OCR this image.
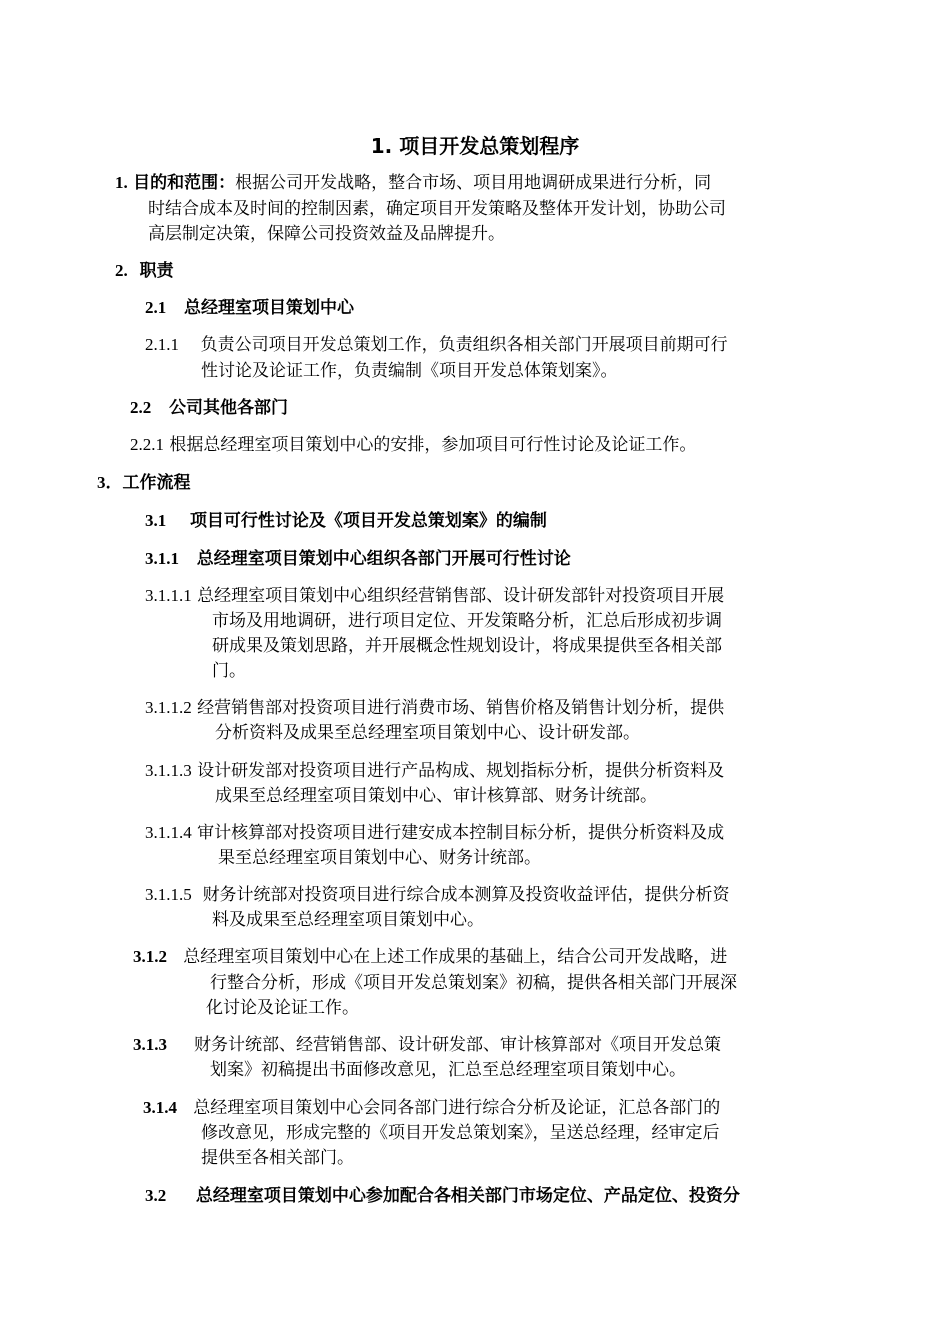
1. 项目开发总策划程序

1. 目的和范围：根据公司开发战略，整合市场、项目用地调研成果进行分析，同

时结合成本及时间的控制因素，确定项目开发策略及整体开发计划，协助公司

高层制定决策，保障公司投资效益及品牌提升。

2. 职责

2.1 总经理室项目策划中心

2.1.1 负责公司项目开发总策划工作，负责组织各相关部门开展项目前期可行

性讨论及论证工作，负责编制《项目开发总体策划案》。

2.2 公司其他各部门

2.2.1 根据总经理室项目策划中心的安排，参加项目可行性讨论及论证工作。

3．工作流程

3.1 项目可行性讨论及《项目开发总策划案》的编制

3.1.1 总经理室项目策划中心组织各部门开展可行性讨论

3.1.1.1 总经理室项目策划中心组织经营销售部、设计研发部针对投资项目开展

市场及用地调研，进行项目定位、开发策略分析，汇总后形成初步调

研成果及策划思路，并开展概念性规划设计，将成果提供至各相关部

门。

3.1.1.2 经营销售部对投资项目进行消费市场、销售价格及销售计划分析，提供

分析资料及成果至总经理室项目策划中心、设计研发部。

3.1.1.3 设计研发部对投资项目进行产品构成、规划指标分析，提供分析资料及

成果至总经理室项目策划中心、审计核算部、财务计统部。

3.1.1.4 审计核算部对投资项目进行建安成本控制目标分析，提供分析资料及成

果至总经理室项目策划中心、财务计统部。

3.1.1.5 财务计统部对投资项目进行综合成本测算及投资收益评估，提供分析资

料及成果至总经理室项目策划中心。

3.1.2 总经理室项目策划中心在上述工作成果的基础上，结合公司开发战略，进

行整合分析，形成《项目开发总策划案》初稿，提供各相关部门开展深

化讨论及论证工作。

3.1.3 财务计统部、经营销售部、设计研发部、审计核算部对《项目开发总策

划案》初稿提出书面修改意见，汇总至总经理室项目策划中心。

3.1.4 总经理室项目策划中心会同各部门进行综合分析及论证，汇总各部门的

修改意见，形成完整的《项目开发总策划案》，呈送总经理，经审定后

提供至各相关部门。

3.2 总经理室项目策划中心参加配合各相关部门市场定位、产品定位、投资分
